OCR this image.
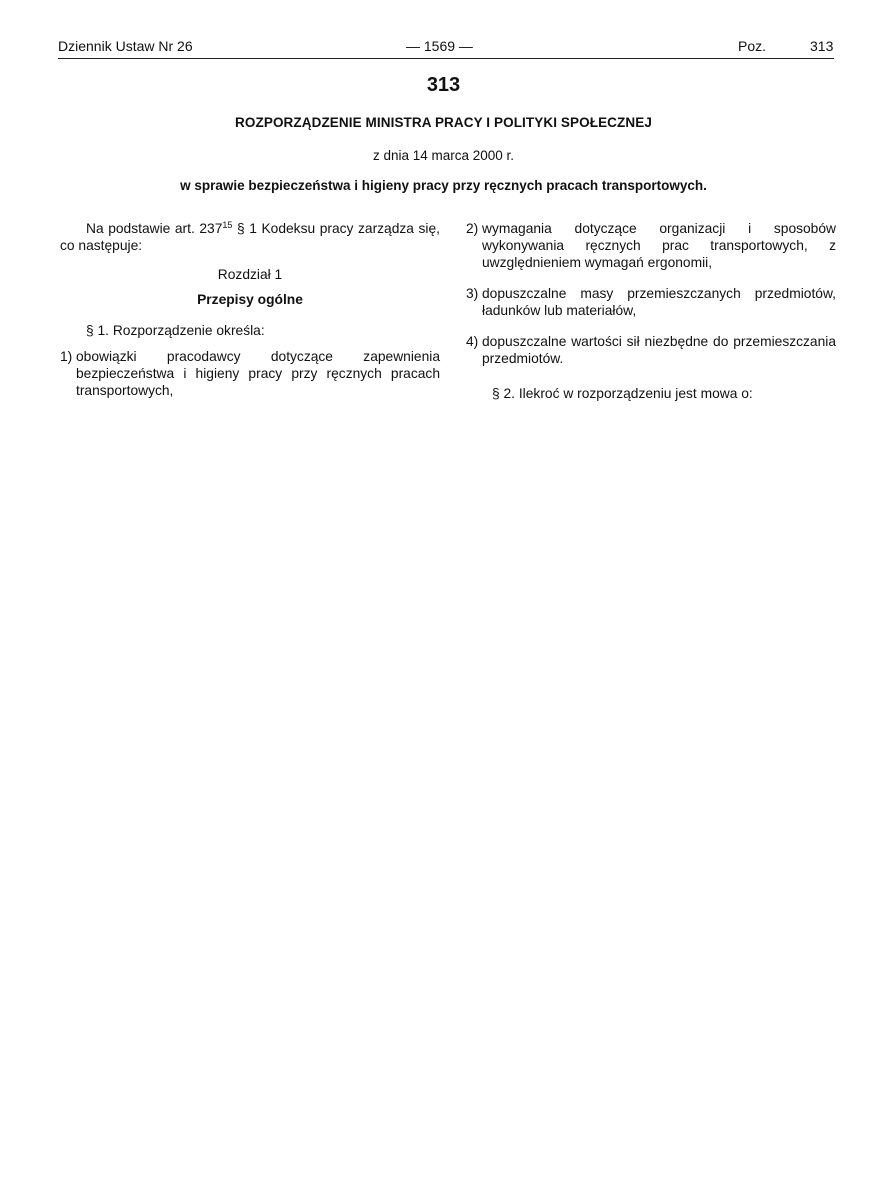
Dziennik Ustaw Nr 26	— 1569 —	Poz.	313
313
ROZPORZĄDZENIE MINISTRA PRACY I POLITYKI SPOŁECZNEJ
z dnia 14 marca 2000 r.
w sprawie bezpieczeństwa i higieny pracy przy ręcznych pracach transportowych.

Na podstawie art. $237^{15}$ § 1 Kodeksu pracy zarządza się, co następuje:

Rozdział 1

Przepisy ogólne

§ 1. Rozporządzenie określa:

1) obowiązki pracodawcy dotyczące zapewnienia bezpieczeństwa i higieny pracy przy ręcznych pracach transportowych,
2) wymagania dotyczące organizacji i sposobów wykonywania ręcznych prac transportowych, z uwzględnieniem wymagań ergonomii,
3) dopuszczalne masy przemieszczanych przedmiotów, ładunków lub materiałów,
4) dopuszczalne wartości sił niezbędne do przemieszczania przedmiotów.

§ 2. Ilekroć w rozporządzeniu jest mowa o:
